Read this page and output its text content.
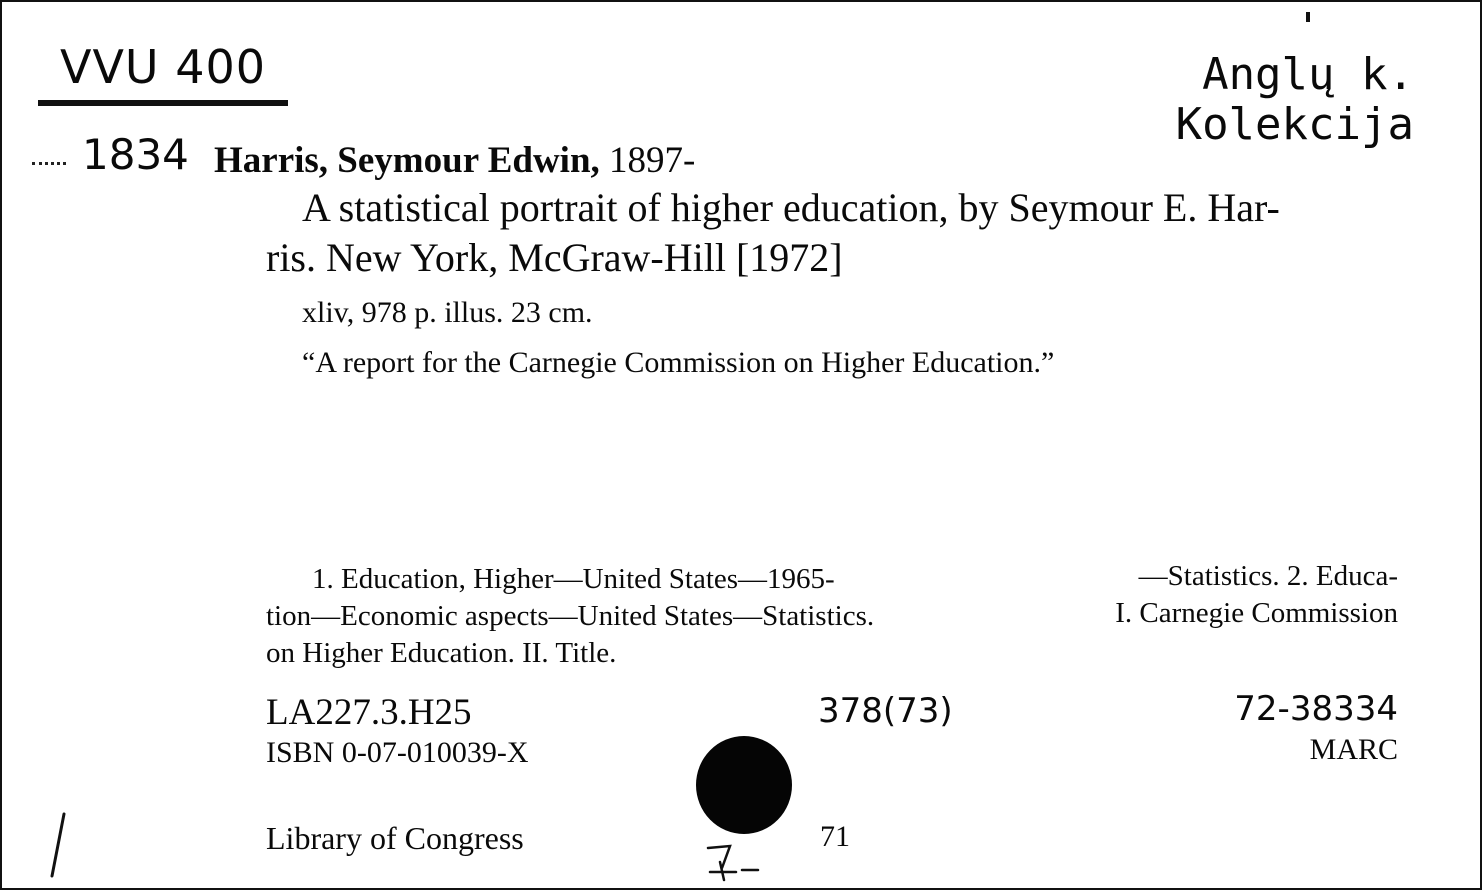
VVU 400	Anglų k.
Kolekcija
1834 Harris, Seymour Edwin, 1897-
A statistical portrait of higher education, by Seymour E. Har-
ris. New York, McGraw-Hill [1972]
xliv, 978 p. illus. 23 cm.
“A report for the Carnegie Commission on Higher Education.”
1. Education, Higher—United States—1965-
tion—Economic aspects—United States—Statistics.
on Higher Education. II. Title.
—Statistics. 2. Educa-
I. Carnegie Commission
LA227.3.H25
ISBN 0-07-010039-X
378(73)	72-38334
MARC
Library of Congress	71
